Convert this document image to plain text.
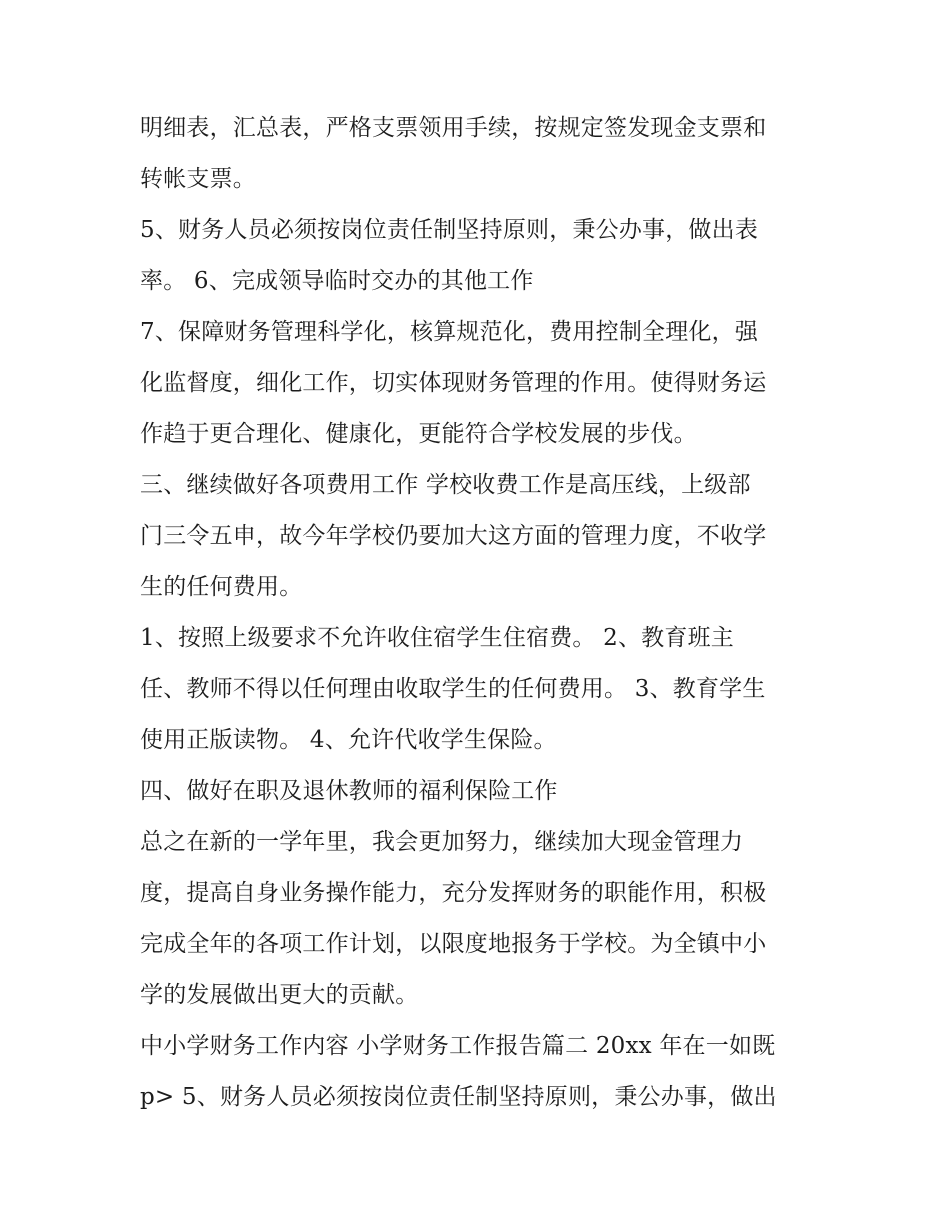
明细表，汇总表，严格支票领用手续，按规定签发现金支票和
转帐支票。
5、财务人员必须按岗位责任制坚持原则，秉公办事，做出表
率。 6、完成领导临时交办的其他工作
7、保障财务管理科学化，核算规范化，费用控制全理化，强
化监督度，细化工作，切实体现财务管理的作用。使得财务运
作趋于更合理化、健康化，更能符合学校发展的步伐。
三、继续做好各项费用工作 学校收费工作是高压线，上级部
门三令五申，故今年学校仍要加大这方面的管理力度，不收学
生的任何费用。
1、按照上级要求不允许收住宿学生住宿费。 2、教育班主
任、教师不得以任何理由收取学生的任何费用。 3、教育学生
使用正版读物。 4、允许代收学生保险。
四、做好在职及退休教师的福利保险工作
总之在新的一学年里，我会更加努力，继续加大现金管理力
度，提高自身业务操作能力，充分发挥财务的职能作用，积极
完成全年的各项工作计划，以限度地报务于学校。为全镇中小
学的发展做出更大的贡献。
中小学财务工作内容 小学财务工作报告篇二 20xx 年在一如既
p> 5、财务人员必须按岗位责任制坚持原则，秉公办事，做出
